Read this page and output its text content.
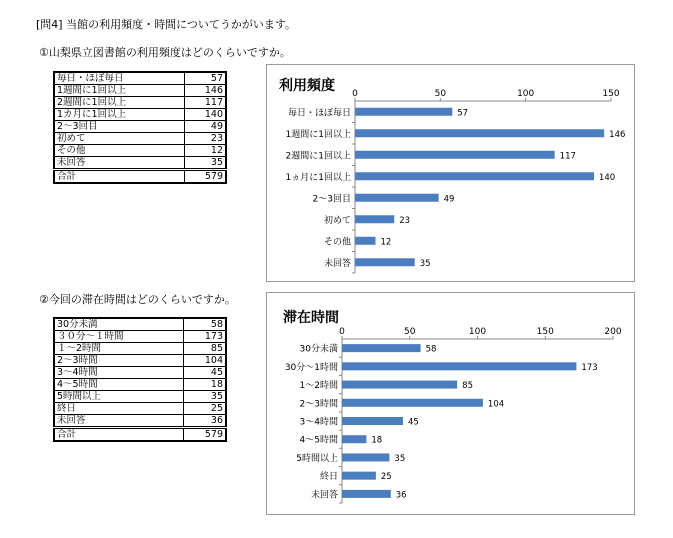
[問4] 当館の利用頻度・時間についてうかがいます。
①山梨県立図書館の利用頻度はどのくらいですか。
②今回の滞在時間はどのくらいですか。
毎日・ほぼ毎日	57
1週間に1回以上	146
2週間に1回以上	117
1カ月に1回以上	140
2～3回目	49
初めて	23
その他	12
未回答	35
合計	579
30分未満	58
３０分～１時間	173
１～2時間	85
2～3時間	104
3～4時間	45
4～5時間	18
5時間以上	35
終日	25
未回答	36
合計	579
利用頻度 0	50	100	150
毎日・ほぼ毎日	57
1週間に1回以上	146
2週間に1回以上	117
1ヵ月に1回以上	140
2～3回目	49
初めて	23
その他	12
未回答	35
滞在時間
0	50	100	150	200
30分未満	58
30分～1時間	173
1～2時間	85
2～3時間	104
3～4時間	45
4～5時間	18
5時間以上	35
終日	25
未回答	36
